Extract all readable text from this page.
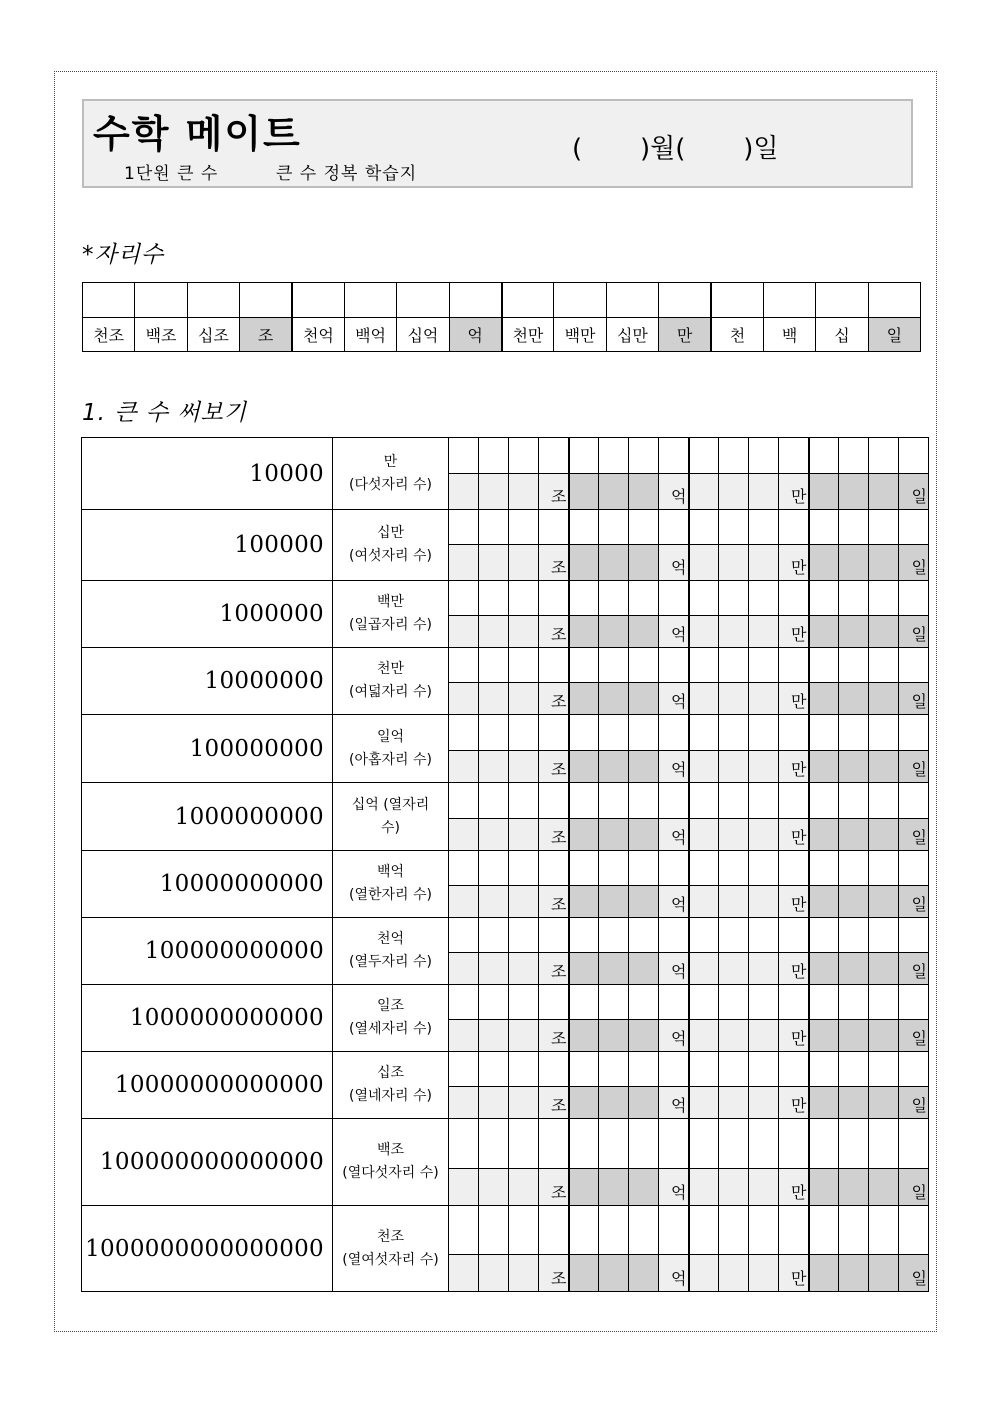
수학 메이트
1단원 큰 수	큰 수 정복 학습지
(       )월(       )일
*자리수

천조	백조	십조	조	천억	백억	십억	억	천만	백만	십만	만	천	백	십	일
1. 큰 수 써보기
10000	만
(다섯자리 수)																

					조				억				만				일
100000	십만
(여섯자리 수)																

					조				억				만				일
1000000	백만
(일곱자리 수)																

					조				억				만				일
10000000	천만
(여덟자리 수)																

					조				억				만				일
100000000	일억
(아홉자리 수)																

					조				억				만				일
1000000000	십억 (열자리
수)																

					조				억				만				일
10000000000	백억
(열한자리 수)																

					조				억				만				일
100000000000	천억
(열두자리 수)																

					조				억				만				일
1000000000000	일조
(열세자리 수)																

					조				억				만				일
10000000000000	십조
(열네자리 수)																

					조				억				만				일
100000000000000	백조
(열다섯자리 수)																

					조				억				만				일
1000000000000000	천조
(열여섯자리 수)																

					조				억				만				일
